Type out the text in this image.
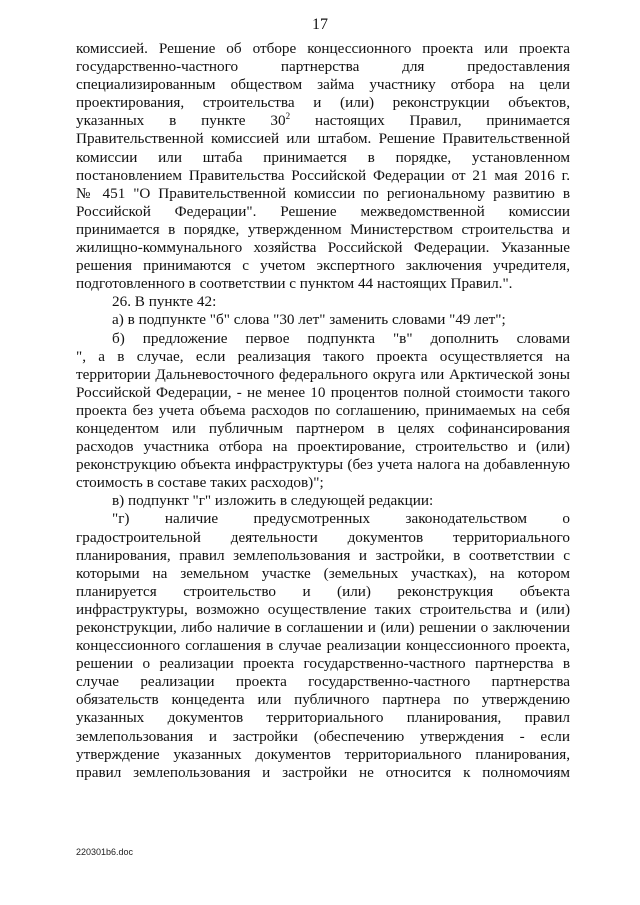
17

комиссией. Решение об отборе концессионного проекта или проекта

государственно-частного партнерства для предоставления

специализированным обществом займа участнику отбора на цели

проектирования, строительства и (или) реконструкции объектов,

указанных в пункте $30^2$ настоящих Правил, принимается

Правительственной комиссией или штабом. Решение Правительственной

комиссии или штаба принимается в порядке, установленном

постановлением Правительства Российской Федерации от 21 мая 2016 г.

№ 451 "О Правительственной комиссии по региональному развитию в

Российской Федерации". Решение межведомственной комиссии

принимается в порядке, утвержденном Министерством строительства и

жилищно-коммунального хозяйства Российской Федерации. Указанные

решения принимаются с учетом экспертного заключения учредителя,

подготовленного в соответствии с пунктом 44 настоящих Правил.".

26. В пункте 42:

а) в подпункте "б" слова "30 лет" заменить словами "49 лет";

б) предложение первое подпункта "в" дополнить словами

", а в случае, если реализация такого проекта осуществляется на

территории Дальневосточного федерального округа или Арктической зоны

Российской Федерации, - не менее 10 процентов полной стоимости такого

проекта без учета объема расходов по соглашению, принимаемых на себя

концедентом или публичным партнером в целях софинансирования

расходов участника отбора на проектирование, строительство и (или)

реконструкцию объекта инфраструктуры (без учета налога на добавленную

стоимость в составе таких расходов)";

в) подпункт "г" изложить в следующей редакции:

"г) наличие предусмотренных законодательством о

градостроительной деятельности документов территориального

планирования, правил землепользования и застройки, в соответствии с

которыми на земельном участке (земельных участках), на котором

планируется строительство и (или) реконструкция объекта

инфраструктуры, возможно осуществление таких строительства и (или)

реконструкции, либо наличие в соглашении и (или) решении о заключении

концессионного соглашения в случае реализации концессионного проекта,

решении о реализации проекта государственно-частного партнерства в

случае реализации проекта государственно-частного партнерства

обязательств концедента или публичного партнера по утверждению

указанных документов территориального планирования, правил

землепользования и застройки (обеспечению утверждения - если

утверждение указанных документов территориального планирования,

правил землепользования и застройки не относится к полномочиям

220301b6.doc
